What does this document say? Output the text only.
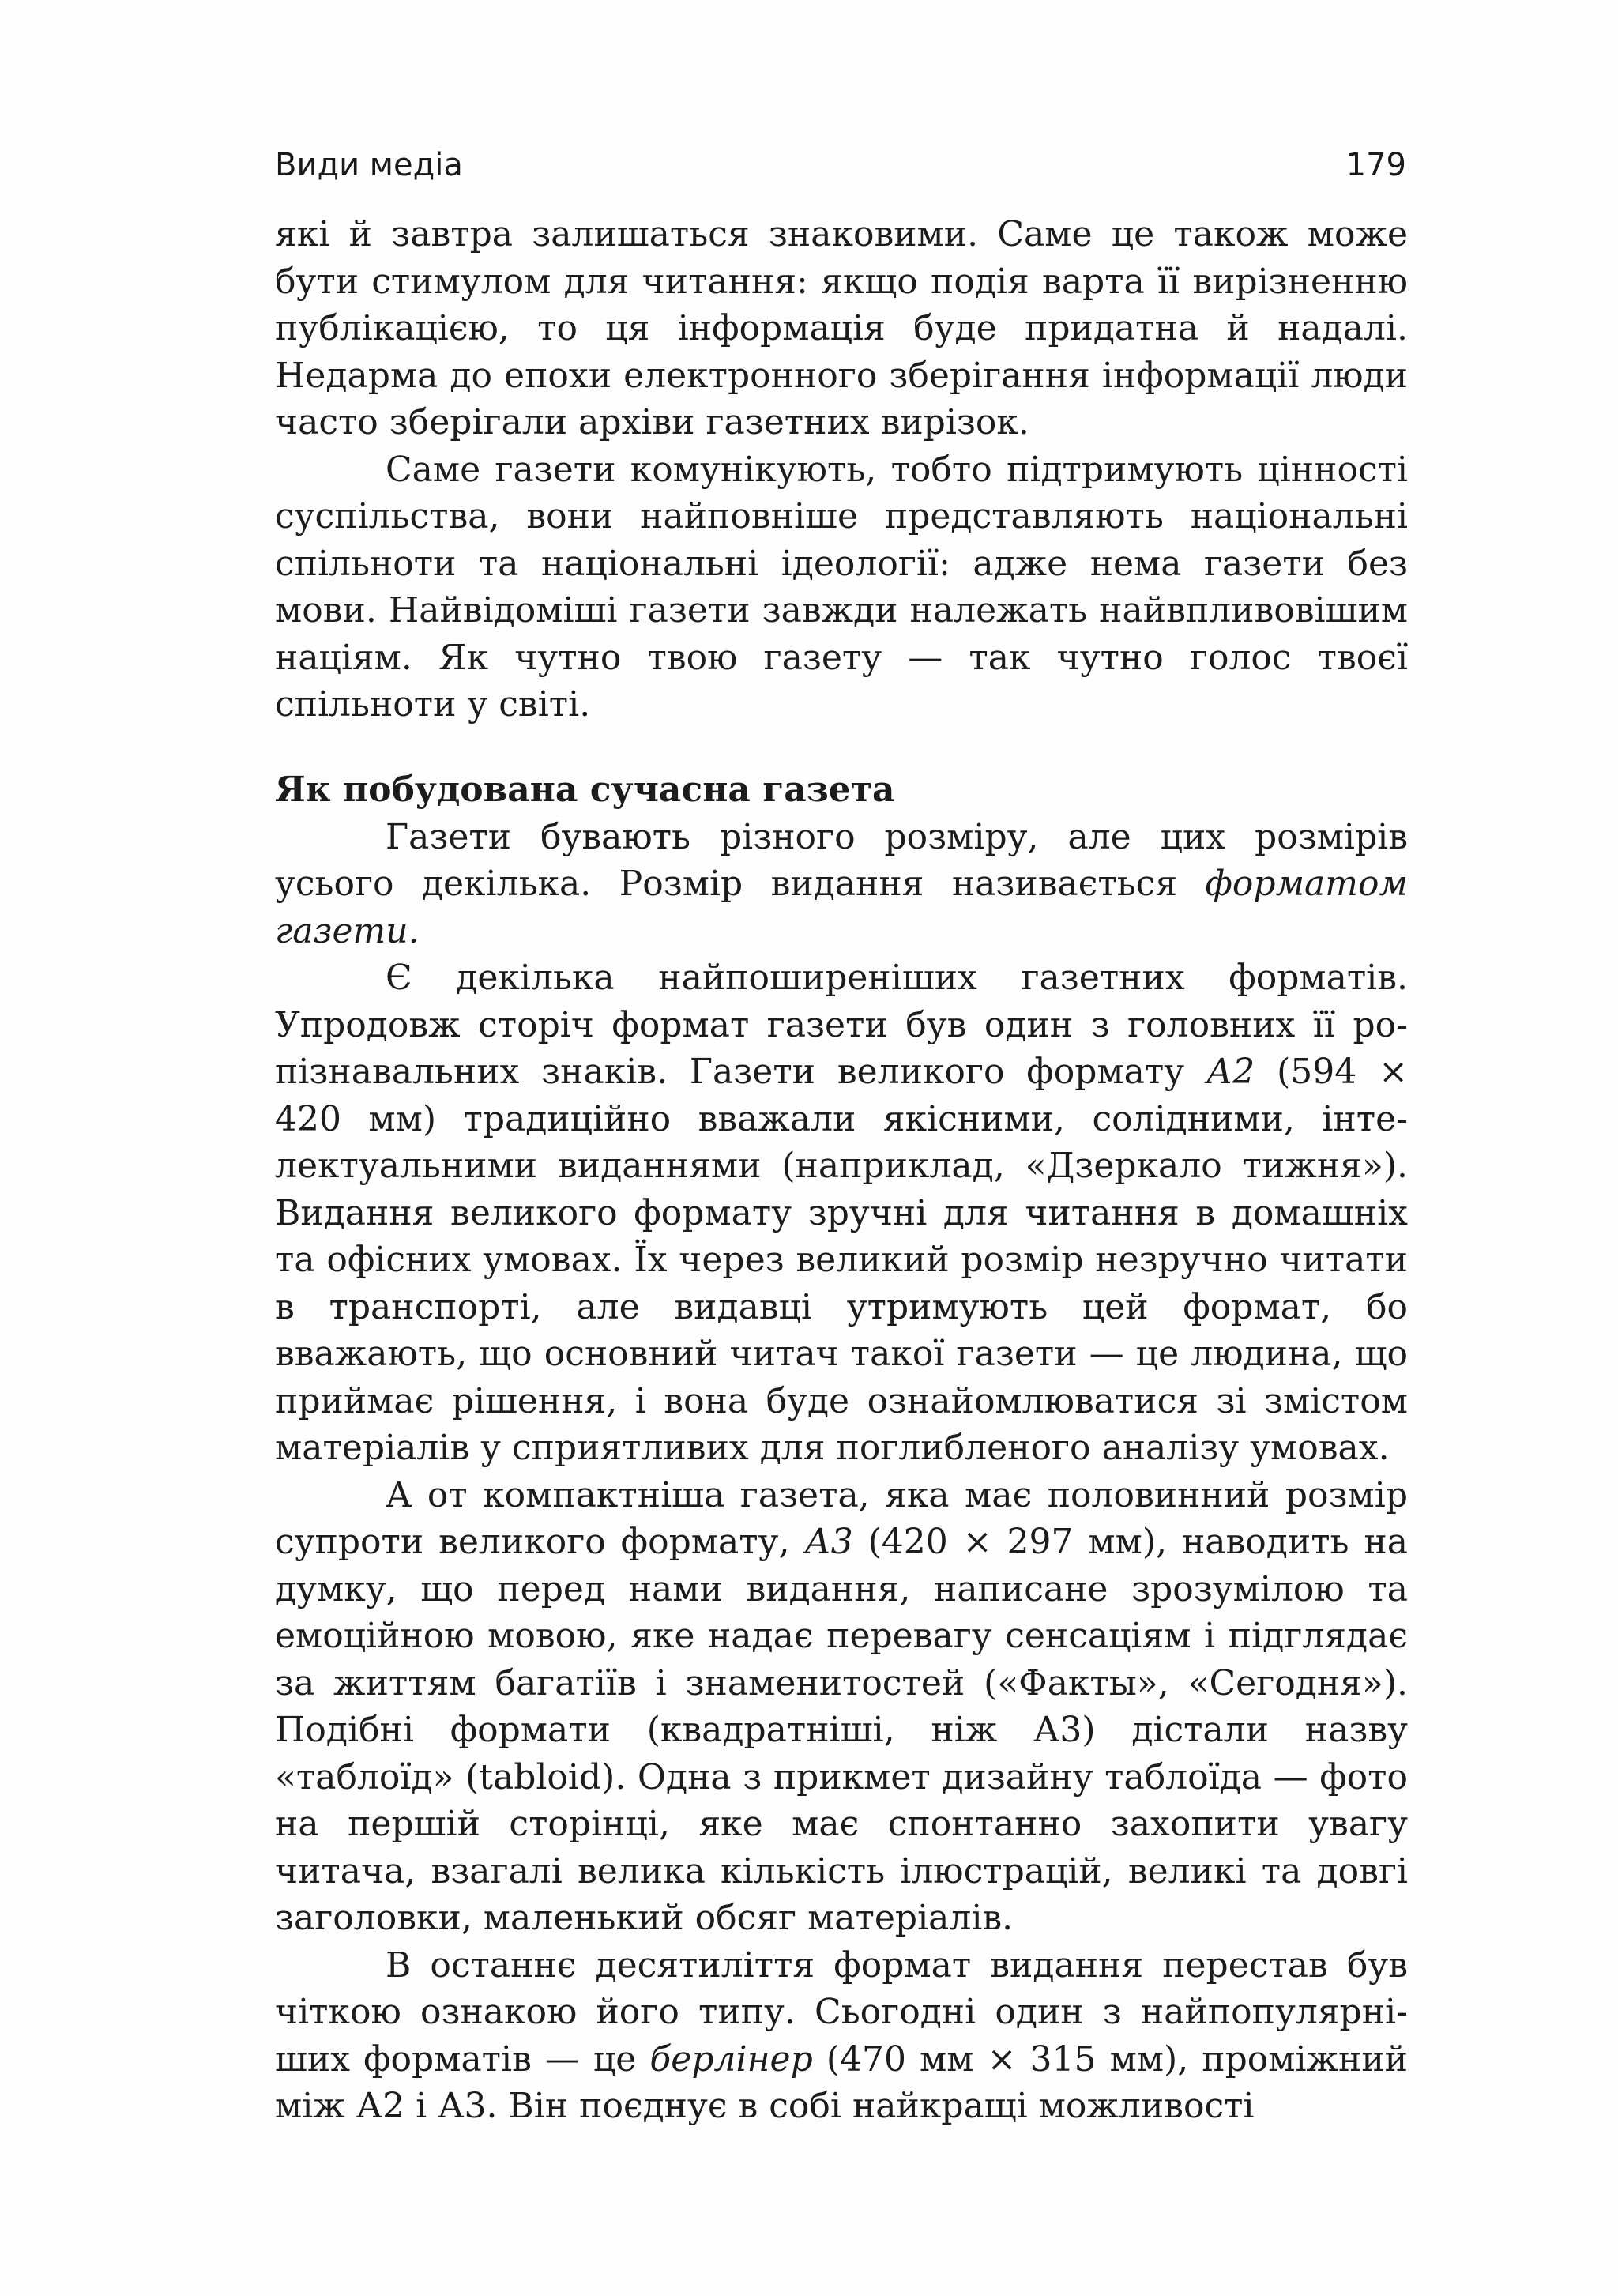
Види медіа	179

які й завтра залишаться знаковими. Саме це також може бути стимулом для читання: якщо подія варта її вирізненню публікацією, то ця інформація буде придатна й надалі. Недарма до епохи електронного зберігання інформації люди часто зберігали архіви газетних вирізок.

Саме газети комунікують, тобто підтримують цінності суспільства, вони найповніше представляють національні спільноти та національні ідеології: адже нема газети без мови. Найвідоміші газети завжди належать найвпливовішим націям. Як чутно твою газету — так чутно голос твоєї спільноти у світі.

Як побудована сучасна газета

Газети бувають різного розміру, але цих розмірів усього декілька. Розмір видання називається форматом газети.

Є декілька найпоширеніших газетних форматів. Упродовж сторіч формат газети був один з головних її ропізнавальних знаків. Газети великого формату А2 (594 × 420 мм) традиційно вважали якісними, солідними, інтелектуальними виданнями (наприклад, «Дзеркало тижня»). Видання великого формату зручні для читання в домашніх та офісних умовах. Їх через великий розмір незручно читати в транспорті, але видавці утримують цей формат, бо вважають, що основний читач такої газети — це людина, що приймає рішення, і вона буде ознайомлюватися зі змістом матеріалів у сприятливих для поглибленого аналізу умовах.

А от компактніша газета, яка має половинний розмір супроти великого формату, А3 (420 × 297 мм), наводить на думку, що перед нами видання, написане зрозумілою та емоційною мовою, яке надає перевагу сенсаціям і підглядає за життям багатіїв і знаменитостей («Факты», «Сегодня»). Подібні формати (квадратніші, ніж А3) дістали назву «таблоїд» (tabloid). Одна з прикмет дизайну таблоїда — фото на першій сторінці, яке має спонтанно захопити увагу читача, взагалі велика кількість ілюстрацій, великі та довгі заголовки, маленький обсяг матеріалів.

В останнє десятиліття формат видання перестав був чіткою ознакою його типу. Сьогодні один з найпопулярніших форматів — це берлінер (470 мм × 315 мм), проміжний між А2 і А3. Він поєднує в собі найкращі можливості
